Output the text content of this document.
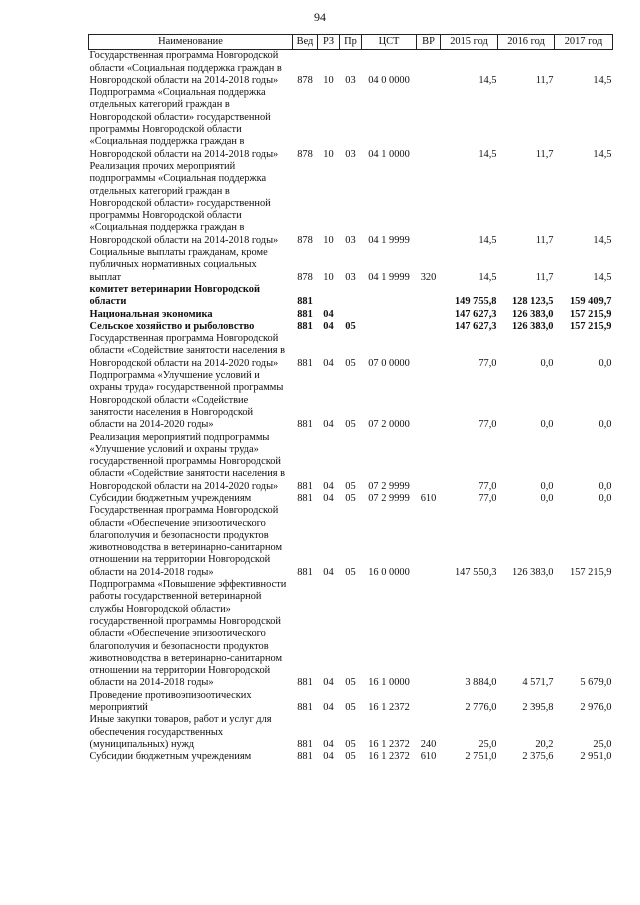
94
Наименование	Вед	РЗ	Пр	ЦСТ	ВР	2015 год	2016 год	2017 год
Государственная программа Новгородской области «Социальная поддержка граждан в Новгородской области на 2014-2018 годы»	878	10	03	04 0 0000		14,5	11,7	14,5
Подпрограмма «Социальная поддержка отдельных категорий граждан в Новгородской области» государственной программы Новгородской области «Социальная поддержка граждан в Новгородской области на 2014-2018 годы»	878	10	03	04 1 0000		14,5	11,7	14,5
Реализация прочих мероприятий подпрограммы «Социальная поддержка отдельных категорий граждан в Новгородской области» государственной программы Новгородской области «Социальная поддержка граждан в Новгородской области на 2014-2018 годы»	878	10	03	04 1 9999		14,5	11,7	14,5
Социальные выплаты гражданам, кроме публичных нормативных социальных выплат	878	10	03	04 1 9999	320	14,5	11,7	14,5
комитет ветеринарии Новгородской области	881					149 755,8	128 123,5	159 409,7
Национальная экономика	881	04				147 627,3	126 383,0	157 215,9
Сельское хозяйство и рыболовство	881	04	05			147 627,3	126 383,0	157 215,9
Государственная программа Новгородской области «Содействие занятости населения в Новгородской области на 2014-2020 годы»	881	04	05	07 0 0000		77,0	0,0	0,0
Подпрограмма «Улучшение условий и охраны труда» государственной программы Новгородской области «Содействие занятости населения в Новгородской области на 2014-2020 годы»	881	04	05	07 2 0000		77,0	0,0	0,0
Реализация мероприятий подпрограммы «Улучшение условий и охраны труда» государственной программы Новгородской области «Содействие занятости населения в Новгородской области на 2014-2020 годы»	881	04	05	07 2 9999		77,0	0,0	0,0
Субсидии бюджетным учреждениям	881	04	05	07 2 9999	610	77,0	0,0	0,0
Государственная программа Новгородской области «Обеспечение эпизоотического благополучия и безопасности продуктов животноводства в ветеринарно-санитарном отношении на территории Новгородской области на 2014-2018 годы»	881	04	05	16 0 0000		147 550,3	126 383,0	157 215,9
Подпрограмма «Повышение эффективности работы государственной ветеринарной службы Новгородской области» государственной программы Новгородской области «Обеспечение эпизоотического благополучия и безопасности продуктов животноводства в ветеринарно-санитарном отношении на территории Новгородской области на 2014-2018 годы»	881	04	05	16 1 0000		3 884,0	4 571,7	5 679,0
Проведение противоэпизоотических мероприятий	881	04	05	16 1 2372		2 776,0	2 395,8	2 976,0
Иные закупки товаров, работ и услуг для обеспечения государственных (муниципальных) нужд	881	04	05	16 1 2372	240	25,0	20,2	25,0
Субсидии бюджетным учреждениям	881	04	05	16 1 2372	610	2 751,0	2 375,6	2 951,0
